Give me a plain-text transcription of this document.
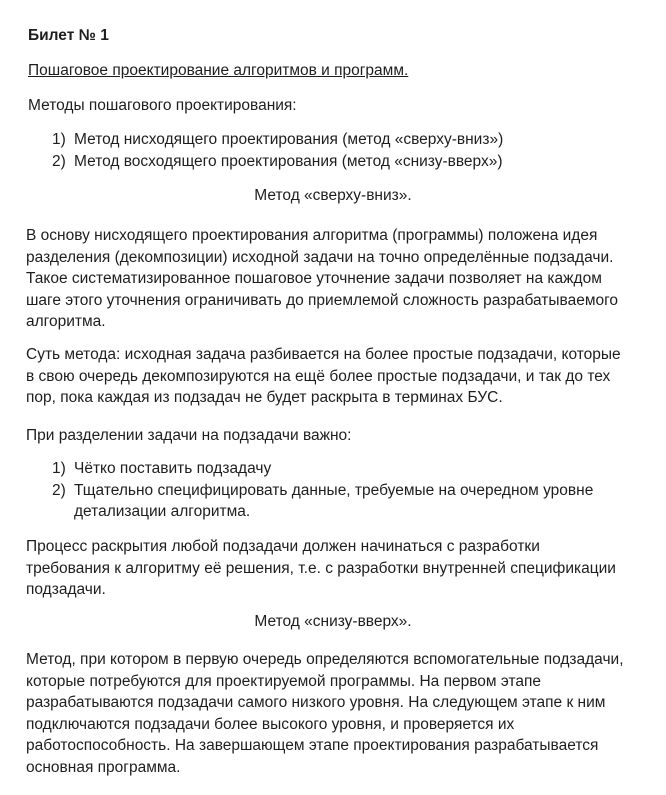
Билет № 1
Пошаговое проектирование алгоритмов и программ.
Методы пошагового проектирования:
1) Метод нисходящего проектирования (метод «сверху-вниз»)
2) Метод восходящего проектирования (метод «снизу-вверх»)
Метод «сверху-вниз».
В основу нисходящего проектирования алгоритма (программы) положена идея
разделения (декомпозиции) исходной задачи на точно определённые подзадачи.
Такое систематизированное пошаговое уточнение задачи позволяет на каждом
шаге этого уточнения ограничивать до приемлемой сложность разрабатываемого
алгоритма.
Суть метода: исходная задача разбивается на более простые подзадачи, которые
в свою очередь декомпозируются на ещё более простые подзадачи, и так до тех
пор, пока каждая из подзадач не будет раскрыта в терминах БУС.
При разделении задачи на подзадачи важно:
1) Чётко поставить подзадачу
2) Тщательно специфицировать данные, требуемые на очередном уровне
детализации алгоритма.
Процесс раскрытия любой подзадачи должен начинаться с разработки
требования к алгоритму её решения, т.е. с разработки внутренней спецификации
подзадачи.
Метод «снизу-вверх».
Метод, при котором в первую очередь определяются вспомогательные подзадачи,
которые потребуются для проектируемой программы. На первом этапе
разрабатываются подзадачи самого низкого уровня. На следующем этапе к ним
подключаются подзадачи более высокого уровня, и проверяется их
работоспособность. На завершающем этапе проектирования разрабатывается
основная программа.
